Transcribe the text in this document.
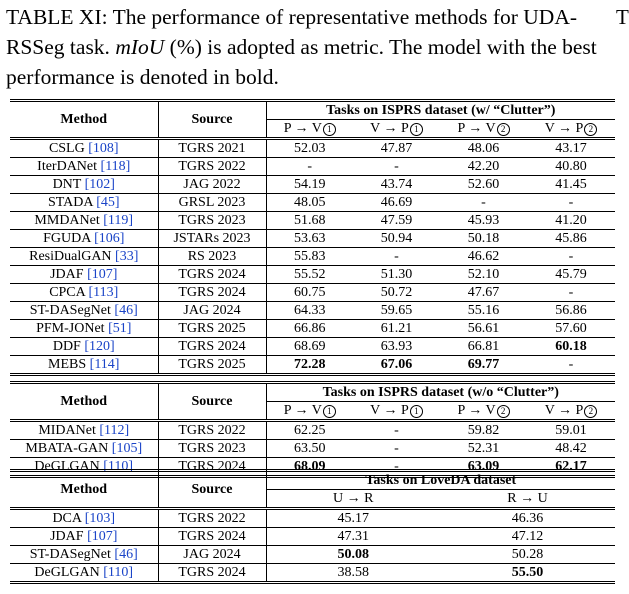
TABLE XI: The performance of representative methods for UDA-RSSeg task. mIoU (%) is adopted as metric. The model with the best performance is denoted in bold.
T
Method	Source	Tasks on ISPRS dataset (w/ “Clutter”)			
		P → V 1	V → P 1	P → V 2	V → P 2
CSLG [108]	TGRS 2021	52.03	47.87	48.06	43.17
IterDANet [118]	TGRS 2022	-	-	42.20	40.80
DNT [102]	JAG 2022	54.19	43.74	52.60	41.45
STADA [45]	GRSL 2023	48.05	46.69	-	-
MMDANet [119]	TGRS 2023	51.68	47.59	45.93	41.20
FGUDA [106]	JSTARs 2023	53.63	50.94	50.18	45.86
ResiDualGAN [33]	RS 2023	55.83	-	46.62	-
JDAF [107]	TGRS 2024	55.52	51.30	52.10	45.79
CPCA [113]	TGRS 2024	60.75	50.72	47.67	-
ST-DASegNet [46]	JAG 2024	64.33	59.65	55.16	56.86
PFM-JONet [51]	TGRS 2025	66.86	61.21	56.61	57.60
DDF [120]	TGRS 2024	68.69	63.93	66.81	60.18
MEBS [114]	TGRS 2025	72.28	67.06	69.77	-
Method	Source	Tasks on ISPRS dataset (w/o “Clutter”)			
		P → V 1	V → P 1	P → V 2	V → P 2
MIDANet [112]	TGRS 2022	62.25	-	59.82	59.01
MBATA-GAN [105]	TGRS 2023	63.50	-	52.31	48.42
DeGLGAN [110]	TGRS 2024	68.09	-	63.09	62.17
Method	Source	Tasks on LoveDA dataset	
		U → R	R → U
DCA [103]	TGRS 2022	45.17	46.36
JDAF [107]	TGRS 2024	47.31	47.12
ST-DASegNet [46]	JAG 2024	50.08	50.28
DeGLGAN [110]	TGRS 2024	38.58	55.50
